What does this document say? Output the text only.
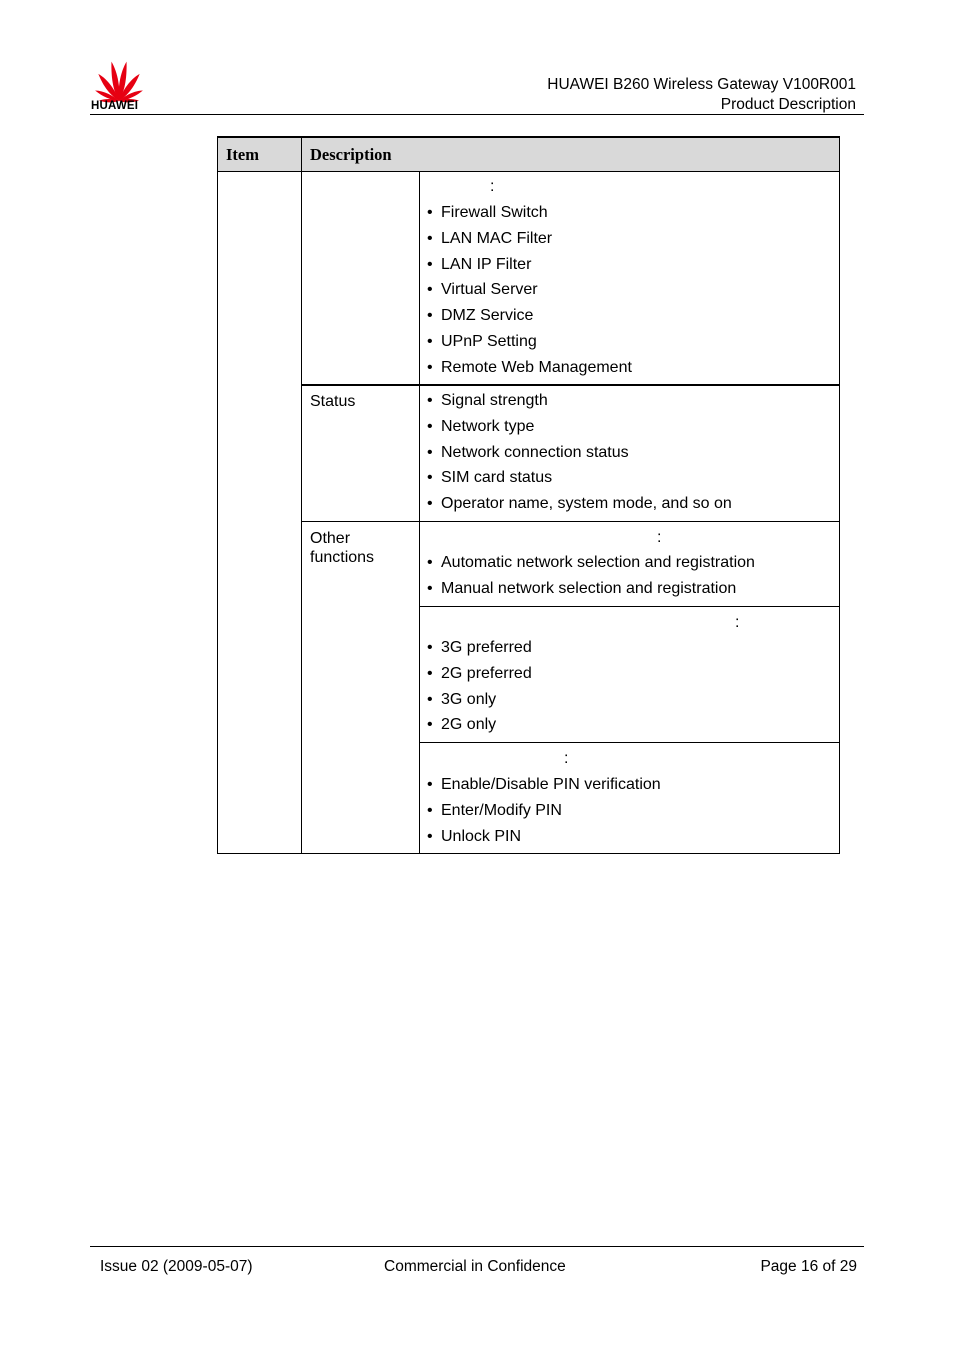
HUAWEI
HUAWEI B260 Wireless Gateway V100R001
Product Description
Item	Description
:
• Firewall Switch
• LAN MAC Filter
• LAN IP Filter
• Virtual Server
• DMZ Service
• UPnP Setting
• Remote Web Management
Status
•	Signal strength
• Network type
• Network connection status
• SIM card status
• Operator name, system mode, and so on
Other
functions
:
• Automatic network selection and registration
• Manual network selection and registration
:
• 3G preferred
• 2G preferred
• 3G only
• 2G only
:
• Enable/Disable PIN verification
• Enter/Modify PIN
• Unlock PIN
Issue 02 (2009-05-07)	Commercial in Confidence	Page 16 of 29
